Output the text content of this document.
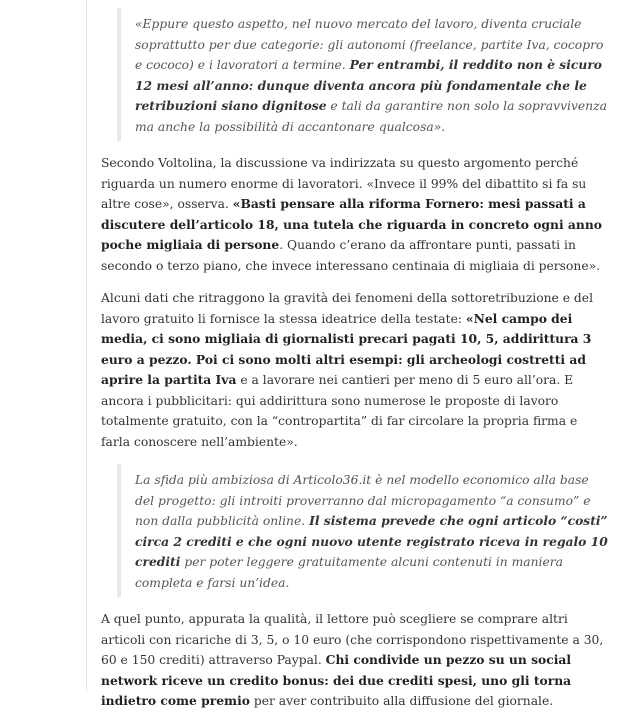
«Eppure questo aspetto, nel nuovo mercato del lavoro, diventa cruciale soprattutto per due categorie: gli autonomi (freelance, partite Iva, cocopro e cococo) e i lavoratori a termine. Per entrambi, il reddito non è sicuro 12 mesi all’anno: dunque diventa ancora più fondamentale che le retribuzioni siano dignitose e tali da garantire non solo la sopravvivenza ma anche la possibilità di accantonare qualcosa».

Secondo Voltolina, la discussione va indirizzata su questo argomento perché riguarda un numero enorme di lavoratori. «Invece il 99% del dibattito si fa su altre cose», osserva. «Basti pensare alla riforma Fornero: mesi passati a discutere dell’articolo 18, una tutela che riguarda in concreto ogni anno poche migliaia di persone. Quando c’erano da affrontare punti, passati in secondo o terzo piano, che invece interessano centinaia di migliaia di persone».

Alcuni dati che ritraggono la gravità dei fenomeni della sottoretribuzione e del lavoro gratuito li fornisce la stessa ideatrice della testate: «Nel campo dei media, ci sono migliaia di giornalisti precari pagati 10, 5, addirittura 3 euro a pezzo. Poi ci sono molti altri esempi: gli archeologi costretti ad aprire la partita Iva e a lavorare nei cantieri per meno di 5 euro all’ora. E ancora i pubblicitari: qui addirittura sono numerose le proposte di lavoro totalmente gratuito, con la “contropartita” di far circolare la propria firma e farla conoscere nell’ambiente».

La sfida più ambiziosa di Articolo36.it è nel modello economico alla base del progetto: gli introiti proverranno dal micropagamento “a consumo” e non dalla pubblicità online. Il sistema prevede che ogni articolo “costi” circa 2 crediti e che ogni nuovo utente registrato riceva in regalo 10 crediti per poter leggere gratuitamente alcuni contenuti in maniera completa e farsi un’idea.

A quel punto, appurata la qualità, il lettore può scegliere se comprare altri articoli con ricariche di 3, 5, o 10 euro (che corrispondono rispettivamente a 30, 60 e 150 crediti) attraverso Paypal. Chi condivide un pezzo su un social network riceve un credito bonus: dei due crediti spesi, uno gli torna indietro come premio per aver contribuito alla diffusione del giornale.
